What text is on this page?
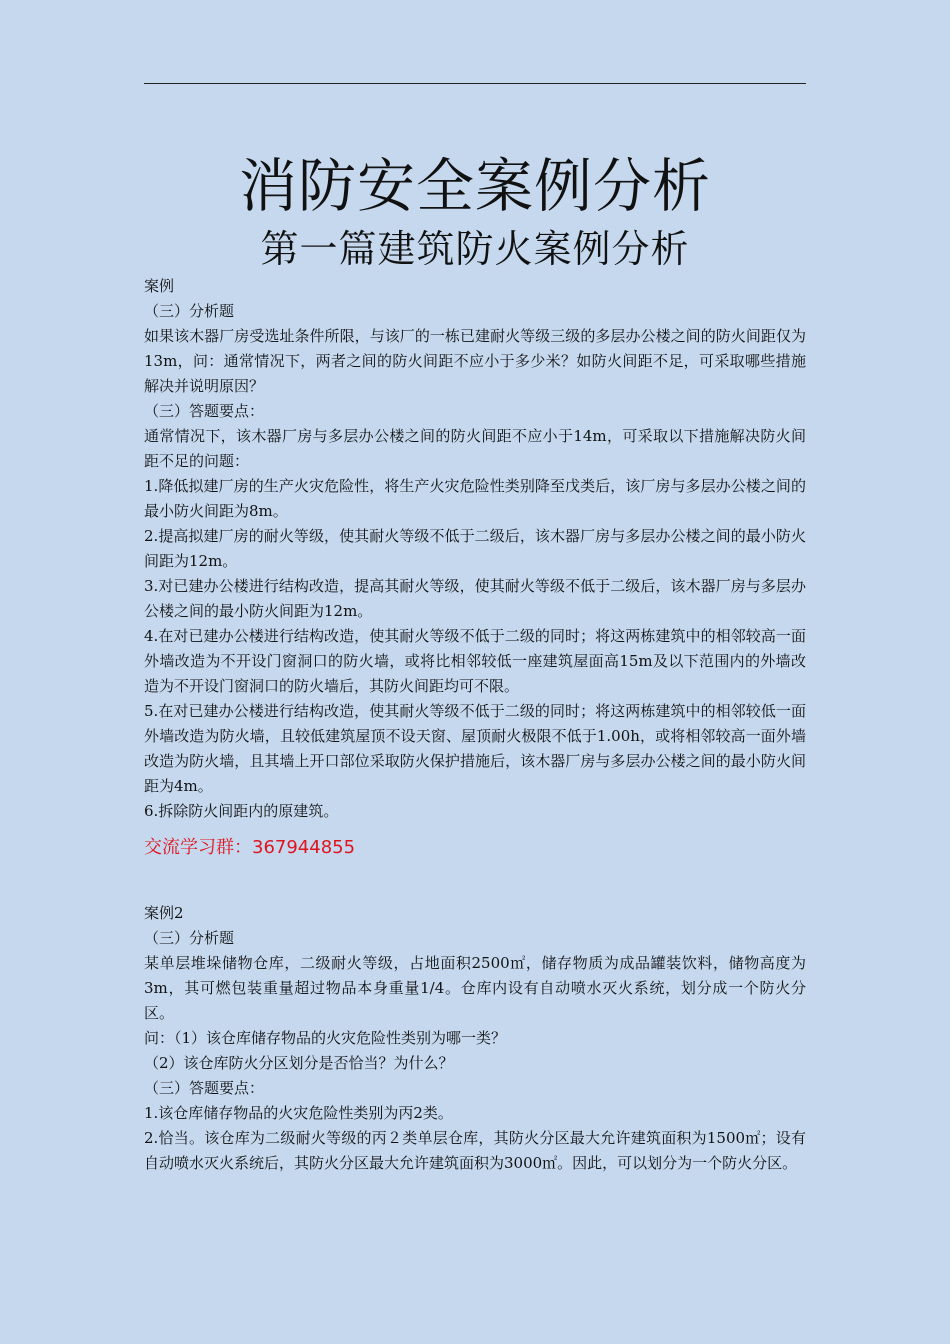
消防安全案例分析
第一篇建筑防火案例分析

案例

（三）分析题

如果该木器厂房受选址条件所限，与该厂的一栋已建耐火等级三级的多层办公楼之间的防火间距仅为13m，问：通常情况下，两者之间的防火间距不应小于多少米？如防火间距不足，可采取哪些措施解决并说明原因？

（三）答题要点：

通常情况下，该木器厂房与多层办公楼之间的防火间距不应小于14m，可采取以下措施解决防火间距不足的问题：

1.降低拟建厂房的生产火灾危险性，将生产火灾危险性类别降至戊类后，该厂房与多层办公楼之间的最小防火间距为8m。

2.提高拟建厂房的耐火等级，使其耐火等级不低于二级后，该木器厂房与多层办公楼之间的最小防火间距为12m。

3.对已建办公楼进行结构改造，提高其耐火等级，使其耐火等级不低于二级后，该木器厂房与多层办公楼之间的最小防火间距为12m。

4.在对已建办公楼进行结构改造，使其耐火等级不低于二级的同时；将这两栋建筑中的相邻较高一面外墙改造为不开设门窗洞口的防火墙，或将比相邻较低一座建筑屋面高15m及以下范围内的外墙改造为不开设门窗洞口的防火墙后，其防火间距均可不限。

5.在对已建办公楼进行结构改造，使其耐火等级不低于二级的同时；将这两栋建筑中的相邻较低一面外墙改造为防火墙，且较低建筑屋顶不设天窗、屋顶耐火极限不低于1.00h，或将相邻较高一面外墙改造为防火墙，且其墙上开口部位采取防火保护措施后，该木器厂房与多层办公楼之间的最小防火间距为4m。

6.拆除防火间距内的原建筑。

交流学习群：367944855

案例2

（三）分析题

某单层堆垛储物仓库，二级耐火等级，占地面积2500㎡，储存物质为成品罐装饮料，储物高度为3m，其可燃包装重量超过物品本身重量1/4。仓库内设有自动喷水灭火系统，划分成一个防火分区。

问：（1）该仓库储存物品的火灾危险性类别为哪一类？

（2）该仓库防火分区划分是否恰当？为什么？

（三）答题要点：

1.该仓库储存物品的火灾危险性类别为丙2类。

2.恰当。该仓库为二级耐火等级的丙２类单层仓库，其防火分区最大允许建筑面积为1500㎡；设有自动喷水灭火系统后，其防火分区最大允许建筑面积为3000㎡。因此，可以划分为一个防火分区。
